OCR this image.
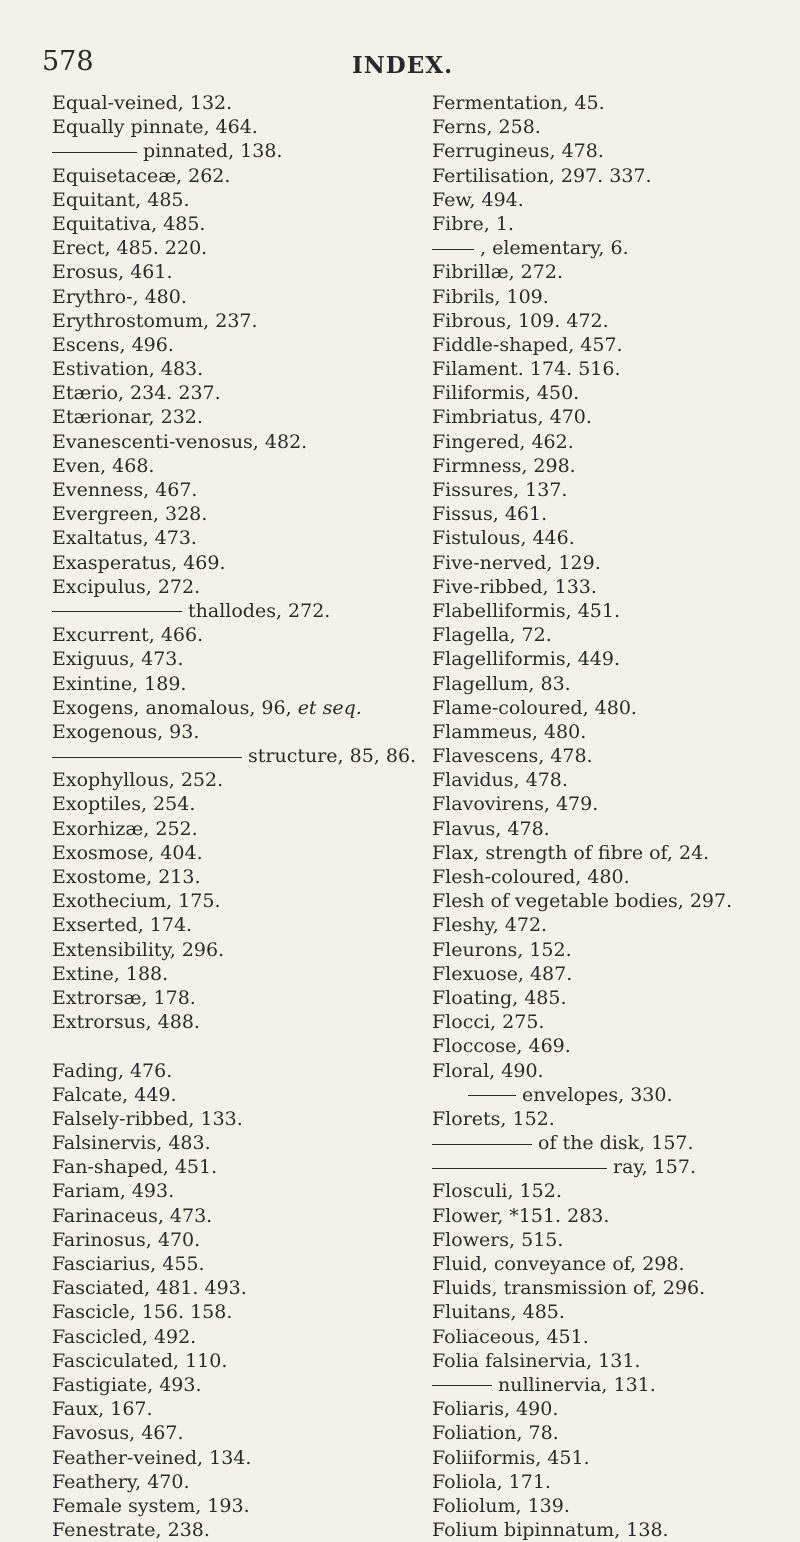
578	INDEX.
Equal-veined, 132.
Equally pinnate, 464.
pinnated, 138.
Equisetaceæ, 262.
Equitant, 485.
Equitativa, 485.
Erect, 485. 220.
Erosus, 461.
Erythro-, 480.
Erythrostomum, 237.
Escens, 496.
Estivation, 483.
Etærio, 234. 237.
Etærionar, 232.
Evanescenti-venosus, 482.
Even, 468.
Evenness, 467.
Evergreen, 328.
Exaltatus, 473.
Exasperatus, 469.
Excipulus, 272.
thallodes, 272.
Excurrent, 466.
Exiguus, 473.
Exintine, 189.
Exogens, anomalous, 96, et seq.
Exogenous, 93.
structure, 85, 86.
Exophyllous, 252.
Exoptiles, 254.
Exorhizæ, 252.
Exosmose, 404.
Exostome, 213.
Exothecium, 175.
Exserted, 174.
Extensibility, 296.
Extine, 188.
Extrorsæ, 178.
Extrorsus, 488.
Fading, 476.
Falcate, 449.
Falsely-ribbed, 133.
Falsinervis, 483.
Fan-shaped, 451.
Fariam, 493.
Farinaceus, 473.
Farinosus, 470.
Fasciarius, 455.
Fasciated, 481. 493.
Fascicle, 156. 158.
Fascicled, 492.
Fasciculated, 110.
Fastigiate, 493.
Faux, 167.
Favosus, 467.
Feather-veined, 134.
Feathery, 470.
Female system, 193.
Fenestrate, 238.
Fermentation, 45.
Ferns, 258.
Ferrugineus, 478.
Fertilisation, 297. 337.
Few, 494.
Fibre, 1.
, elementary, 6.
Fibrillæ, 272.
Fibrils, 109.
Fibrous, 109. 472.
Fiddle-shaped, 457.
Filament. 174. 516.
Filiformis, 450.
Fimbriatus, 470.
Fingered, 462.
Firmness, 298.
Fissures, 137.
Fissus, 461.
Fistulous, 446.
Five-nerved, 129.
Five-ribbed, 133.
Flabelliformis, 451.
Flagella, 72.
Flagelliformis, 449.
Flagellum, 83.
Flame-coloured, 480.
Flammeus, 480.
Flavescens, 478.
Flavidus, 478.
Flavovirens, 479.
Flavus, 478.
Flax, strength of fibre of, 24.
Flesh-coloured, 480.
Flesh of vegetable bodies, 297.
Fleshy, 472.
Fleurons, 152.
Flexuose, 487.
Floating, 485.
Flocci, 275.
Floccose, 469.
Floral, 490.
envelopes, 330.
Florets, 152.
of the disk, 157.
ray, 157.
Flosculi, 152.
Flower, *151. 283.
Flowers, 515.
Fluid, conveyance of, 298.
Fluids, transmission of, 296.
Fluitans, 485.
Foliaceous, 451.
Folia falsinervia, 131.
nullinervia, 131.
Foliaris, 490.
Foliation, 78.
Foliiformis, 451.
Foliola, 171.
Foliolum, 139.
Folium bipinnatum, 138.
